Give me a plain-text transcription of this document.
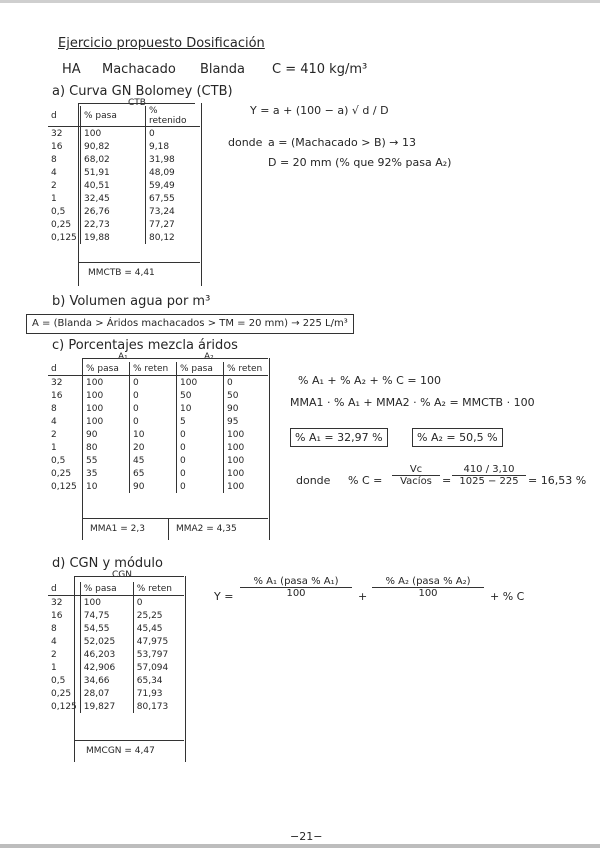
Ejercicio propuesto Dosificación
HA Machacado Blanda C = 410 kg/m³
a) Curva GN Bolomey (CTB)
CTB
d	% pasa	% retenido
32	100	0
16	90,82	9,18
8	68,02	31,98
4	51,91	48,09
2	40,51	59,49
1	32,45	67,55
0,5	26,76	73,24
0,25	22,73	77,27
0,125	19,88	80,12
MMCTB = 4,41
Y = a + (100 − a) √ d / D
donde a = (Machacado > B) → 13
D = 20 mm (% que 92% pasa A₂)
b) Volumen agua por m³
A = (Blanda > Áridos machacados > TM = 20 mm) → 225 L/m³
c) Porcentajes mezcla áridos
A₁	A₂
d	% pasa	% reten	% pasa	% reten
32	100	0	100	0
16	100	0	50	50
8	100	0	10	90
4	100	0	5	95
2	90	10	0	100
1	80	20	0	100
0,5	55	45	0	100
0,25	35	65	0	100
0,125	10	90	0	100
MMA1 = 2,3	MMA2 = 4,35
% A₁ + % A₂ + % C = 100
MMA1 · % A₁ + MMA2 · % A₂ = MMCTB · 100
% A₁ = 32,97 %	% A₂ = 50,5 %
donde % C =
Vc
Vacíos = $\frac{410 / 3,10}{1025 - 225} = 16,53$ %
d) CGN y módulo
CGN
d	% pasa	% reten
32	100	0
16	74,75	25,25
8	54,55	45,45
4	52,025	47,975
2	46,203	53,797
1	42,906	57,094
0,5	34,66	65,34
0,25	28,07	71,93
0,125	19,827	80,173
MMCGN = 4,47
Y =
% A₁ (pasa % A₁)
100	+
% A₂ (pasa % A₂)
100	+ % C
−21−
